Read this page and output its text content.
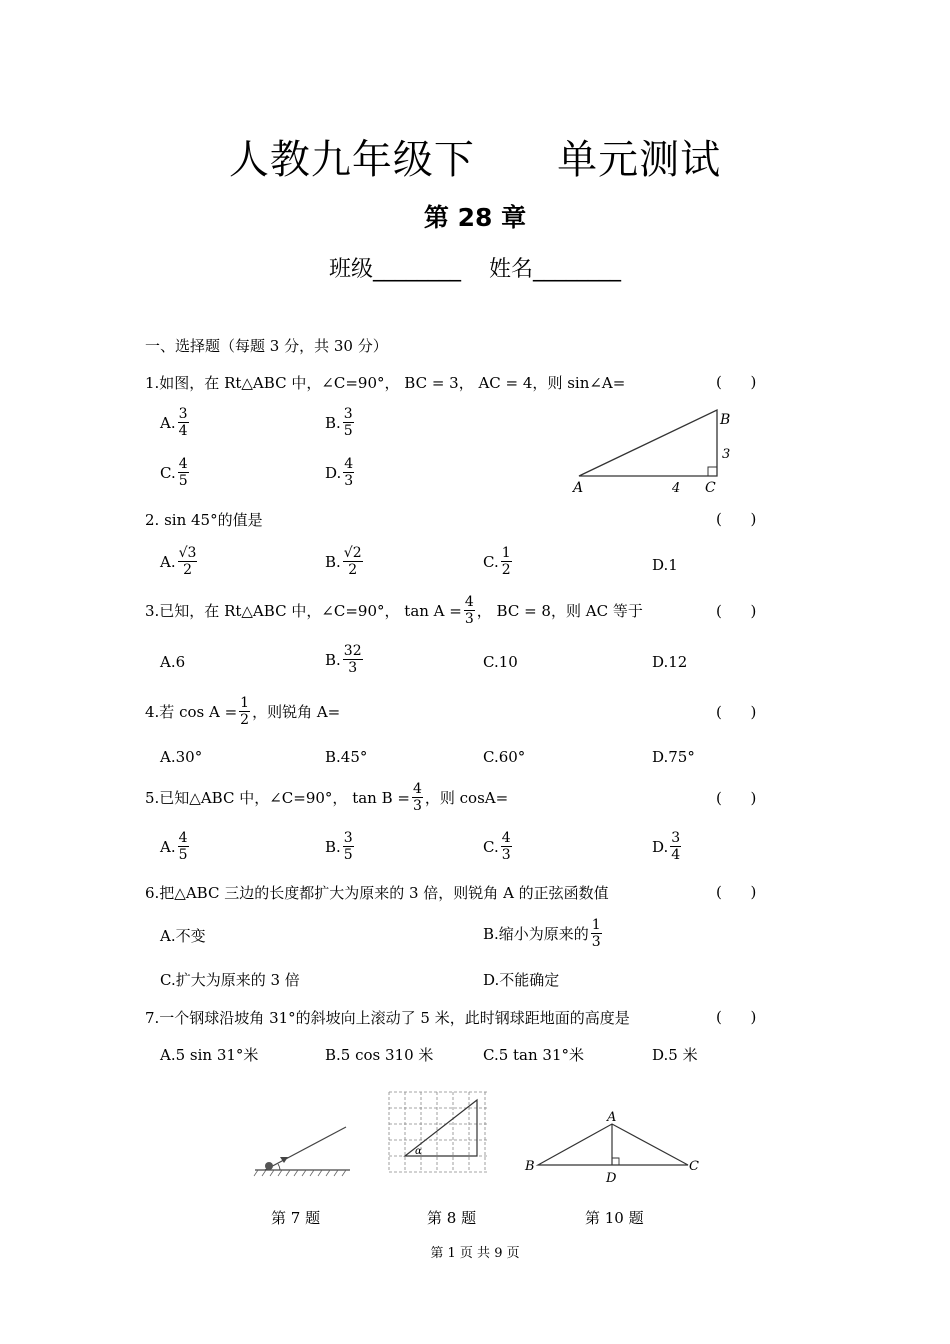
人教九年级下      单元测试
第 28 章
班级________    姓名________
一、选择题（每题 3 分，共 30 分）
1.如图，在 Rt△ABC 中，∠C=90°， BC = 3， AC = 4，则 sin∠A=	(      )
A. $\frac{3}{4}$	B. $\frac{3}{5}$
C. $\frac{4}{5}$	D. $\frac{4}{3}$	A
B
C
3
4
2. sin 45°的值是	(      )
A. $\frac{√3}{2}$	B. $\frac{√2}{2}$	C. $\frac{1}{2}$	D.1
3.已知，在 Rt△ABC 中，∠C=90°， $\tan A = \frac{4}{3}$ ， BC = 8，则 AC 等于	(      )
A.6	B. $\frac{32}{3}$	C.10	D.12
4.若 $\cos A = \frac{1}{2}$ ，则锐角 A=	(      )
A.30°	B.45°	C.60°	D.75°
5.已知△ABC 中，∠C=90°， $\tan B = \frac{4}{3}$ ，则 cosA=	(      )
A. $\frac{4}{5}$	B. $\frac{3}{5}$	C. $\frac{4}{3}$	D. $\frac{3}{4}$
6.把△ABC 三边的长度都扩大为原来的 3 倍，则锐角 A 的正弦函数值	(      )
A.不变	B.缩小为原来的 $\frac{1}{3}$
C.扩大为原来的 3 倍	D.不能确定
7.一个钢球沿坡角 31°的斜坡向上滚动了 5 米，此时钢球距地面的高度是	(      )
A.5 sin 31°米	B.5 cos 310 米	C.5 tan 31°米	D.5 米
α
A
B	C
D
第 7 题	第 8 题	第 10 题
第 1 页 共 9 页
